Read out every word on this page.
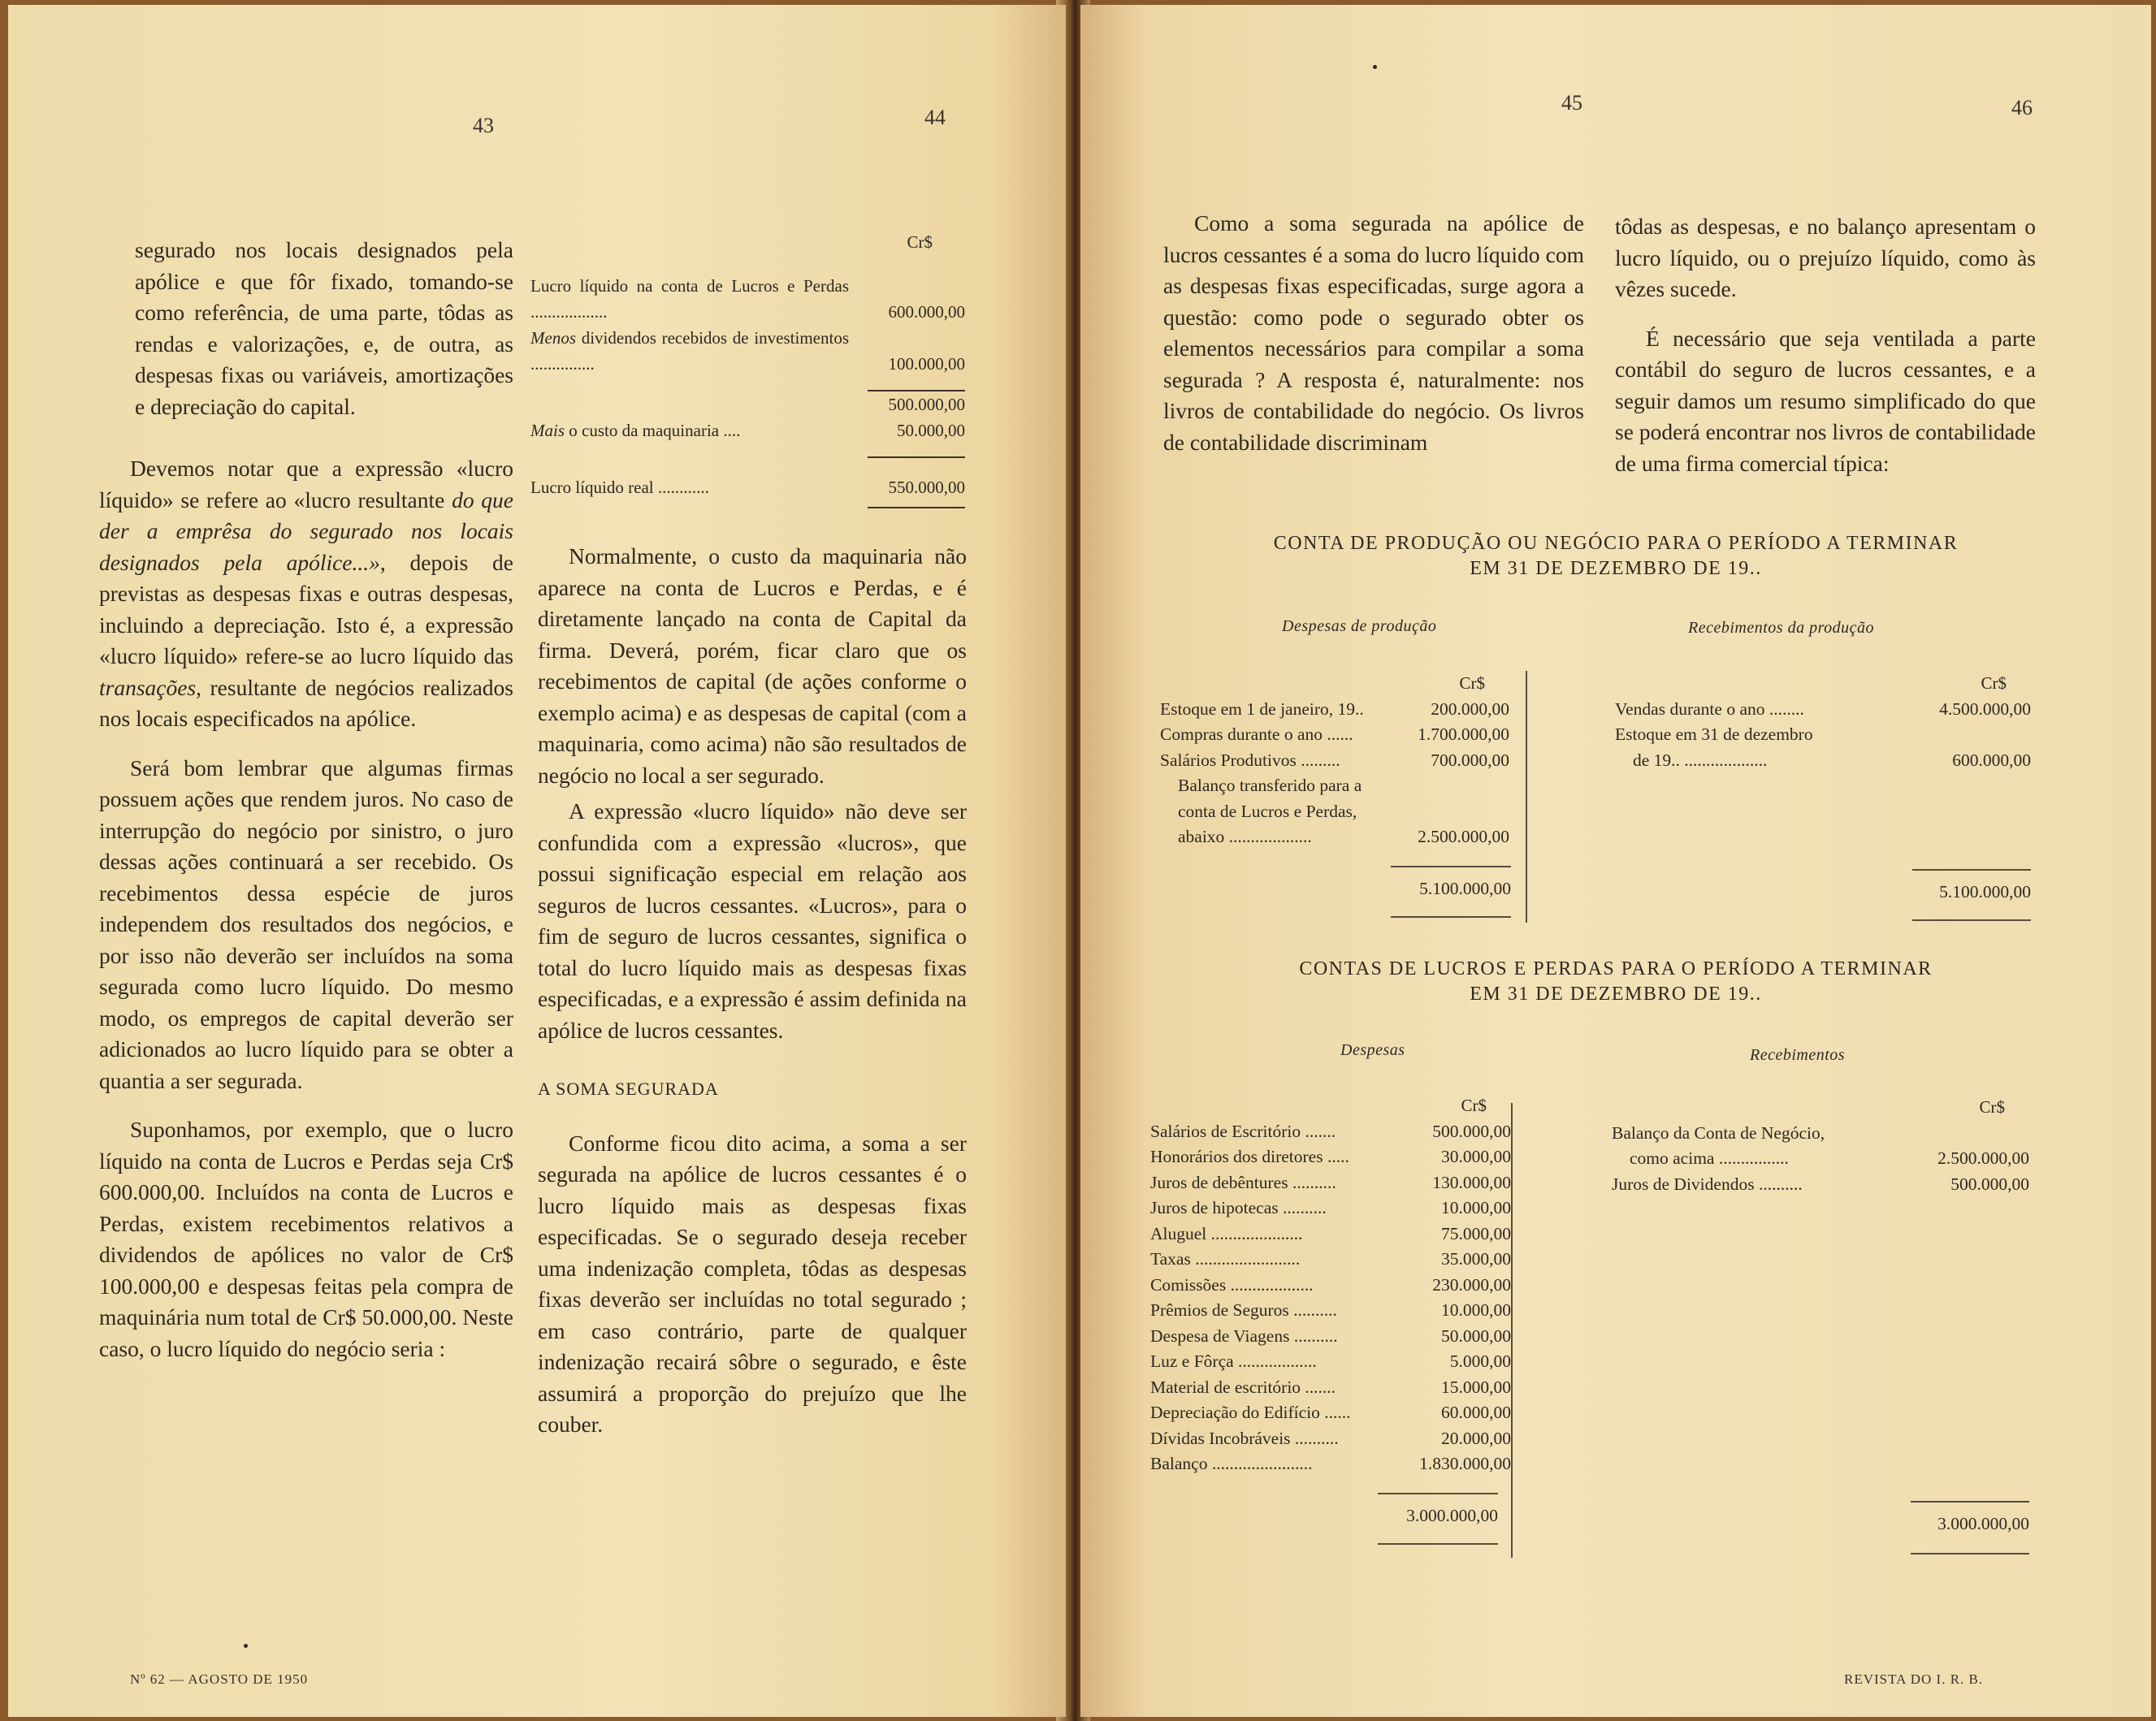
43	44

segurado nos locais designados pela apólice e que fôr fixado, tomando-se como referência, de uma parte, tôdas as rendas e valorizações, e, de outra, as despesas fixas ou variáveis, amortizações e depreciação do capital.

Devemos notar que a expressão «lucro líquido» se refere ao «lucro resultante do que der a emprêsa do segurado nos locais designados pela apólice...», depois de previstas as despesas fixas e outras despesas, incluindo a depreciação. Isto é, a expressão «lucro líquido» refere-se ao lucro líquido das transações, resultante de negócios realizados nos locais especificados na apólice.

Será bom lembrar que algumas firmas possuem ações que rendem juros. No caso de interrupção do negócio por sinistro, o juro dessas ações continuará a ser recebido. Os recebimentos dessa espécie de juros independem dos resultados dos negócios, e por isso não deverão ser incluídos na soma segurada como lucro líquido. Do mesmo modo, os empregos de capital deverão ser adicionados ao lucro líquido para se obter a quantia a ser segurada.

Suponhamos, por exemplo, que o lucro líquido na conta de Lucros e Perdas seja Cr$ 600.000,00. Incluídos na conta de Lucros e Perdas, existem recebimentos relativos a dividendos de apólices no valor de Cr$ 100.000,00 e despesas feitas pela compra de maquinária num total de Cr$ 50.000,00. Neste caso, o lucro líquido do negócio seria :

Nº 62 — AGOSTO DE 1950
Cr$
Lucro líquido na conta de Lucros e Perdas ..................	600.000,00
Menos dividendos recebidos de investimentos ...............	100.000,00
500.000,00
Mais o custo da maquinaria ....	50.000,00
Lucro líquido real ............	550.000,00

Normalmente, o custo da maquinaria não aparece na conta de Lucros e Perdas, e é diretamente lançado na conta de Capital da firma. Deverá, porém, ficar claro que os recebimentos de capital (de ações conforme o exemplo acima) e as despesas de capital (com a maquinaria, como acima) não são resultados de negócio no local a ser segurado.

A expressão «lucro líquido» não deve ser confundida com a expressão «lucros», que possui significação especial em relação aos seguros de lucros cessantes. «Lucros», para o fim de seguro de lucros cessantes, significa o total do lucro líquido mais as despesas fixas especificadas, e a expressão é assim definida na apólice de lucros cessantes.

A SOMA SEGURADA

Conforme ficou dito acima, a soma a ser segurada na apólice de lucros cessantes é o lucro líquido mais as despesas fixas especificadas. Se o segurado deseja receber uma indenização completa, tôdas as despesas fixas deverão ser incluídas no total segurado ; em caso contrário, parte de qualquer indenização recairá sôbre o segurado, e êste assumirá a proporção do prejuízo que lhe couber.

45	46

Como a soma segurada na apólice de lucros cessantes é a soma do lucro líquido com as despesas fixas especificadas, surge agora a questão: como pode o segurado obter os elementos necessários para compilar a soma segurada ? A resposta é, naturalmente: nos livros de contabilidade do negócio. Os livros de contabilidade discriminam

tôdas as despesas, e no balanço apresentam o lucro líquido, ou o prejuízo líquido, como às vêzes sucede.

É necessário que seja ventilada a parte contábil do seguro de lucros cessantes, e a seguir damos um resumo simplificado do que se poderá encontrar nos livros de contabilidade de uma firma comercial típica:

CONTA DE PRODUÇÃO OU NEGÓCIO PARA O PERÍODO A TERMINAR
EM 31 DE DEZEMBRO DE 19..
Despesas de produção	Recebimentos da produção
Cr$
Estoque em 1 de janeiro, 19..	200.000,00
Compras durante o ano ......	1.700.000,00
Salários Produtivos .........	700.000,00
Balanço transferido para a
conta de Lucros e Perdas,
abaixo ...................	2.500.000,00
Cr$
Vendas durante o ano ........	4.500.000,00
Estoque em 31 de dezembro
de 19.. ...................	600.000,00
5.100.000,00	5.100.000,00
CONTAS DE LUCROS E PERDAS PARA O PERÍODO A TERMINAR
EM 31 DE DEZEMBRO DE 19..
Despesas	Recebimentos
Cr$
Salários de Escritório .......	500.000,00
Honorários dos diretores .....	30.000,00
Juros de debêntures ..........	130.000,00
Juros de hipotecas ..........	10.000,00
Aluguel .....................	75.000,00
Taxas ........................	35.000,00
Comissões ...................	230.000,00
Prêmios de Seguros ..........	10.000,00
Despesa de Viagens ..........	50.000,00
Luz e Fôrça ..................	5.000,00
Material de escritório .......	15.000,00
Depreciação do Edifício ......	60.000,00
Dívidas Incobráveis ..........	20.000,00
Balanço .......................	1.830.000,00
Cr$
Balanço da Conta de Negócio,
como acima ................	2.500.000,00
Juros de Dividendos ..........	500.000,00
3.000.000,00	3.000.000,00
REVISTA DO I. R. B.
